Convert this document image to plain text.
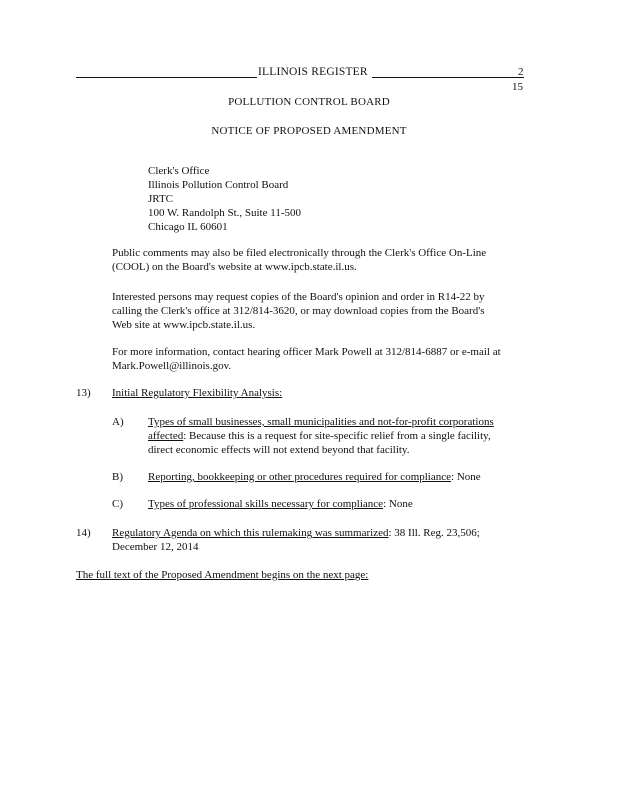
ILLINOIS REGISTER	2
15
POLLUTION CONTROL BOARD
NOTICE OF PROPOSED AMENDMENT
Clerk's Office
Illinois Pollution Control Board
JRTC
100 W. Randolph St., Suite 11-500
Chicago IL 60601
Public comments may also be filed electronically through the Clerk's Office On-Line
(COOL) on the Board's website at www.ipcb.state.il.us.
Interested persons may request copies of the Board's opinion and order in R14-22 by
calling the Clerk's office at 312/814-3620, or may download copies from the Board's
Web site at www.ipcb.state.il.us.
For more information, contact hearing officer Mark Powell at 312/814-6887 or e-mail at
Mark.Powell@illinois.gov.
13) Initial Regulatory Flexibility Analysis:
A) Types of small businesses, small municipalities and not-for-profit corporations
affected: Because this is a request for site-specific relief from a single facility,
direct economic effects will not extend beyond that facility.
B) Reporting, bookkeeping or other procedures required for compliance: None
C) Types of professional skills necessary for compliance: None
14) Regulatory Agenda on which this rulemaking was summarized: 38 Ill. Reg. 23,506;
December 12, 2014
The full text of the Proposed Amendment begins on the next page:
